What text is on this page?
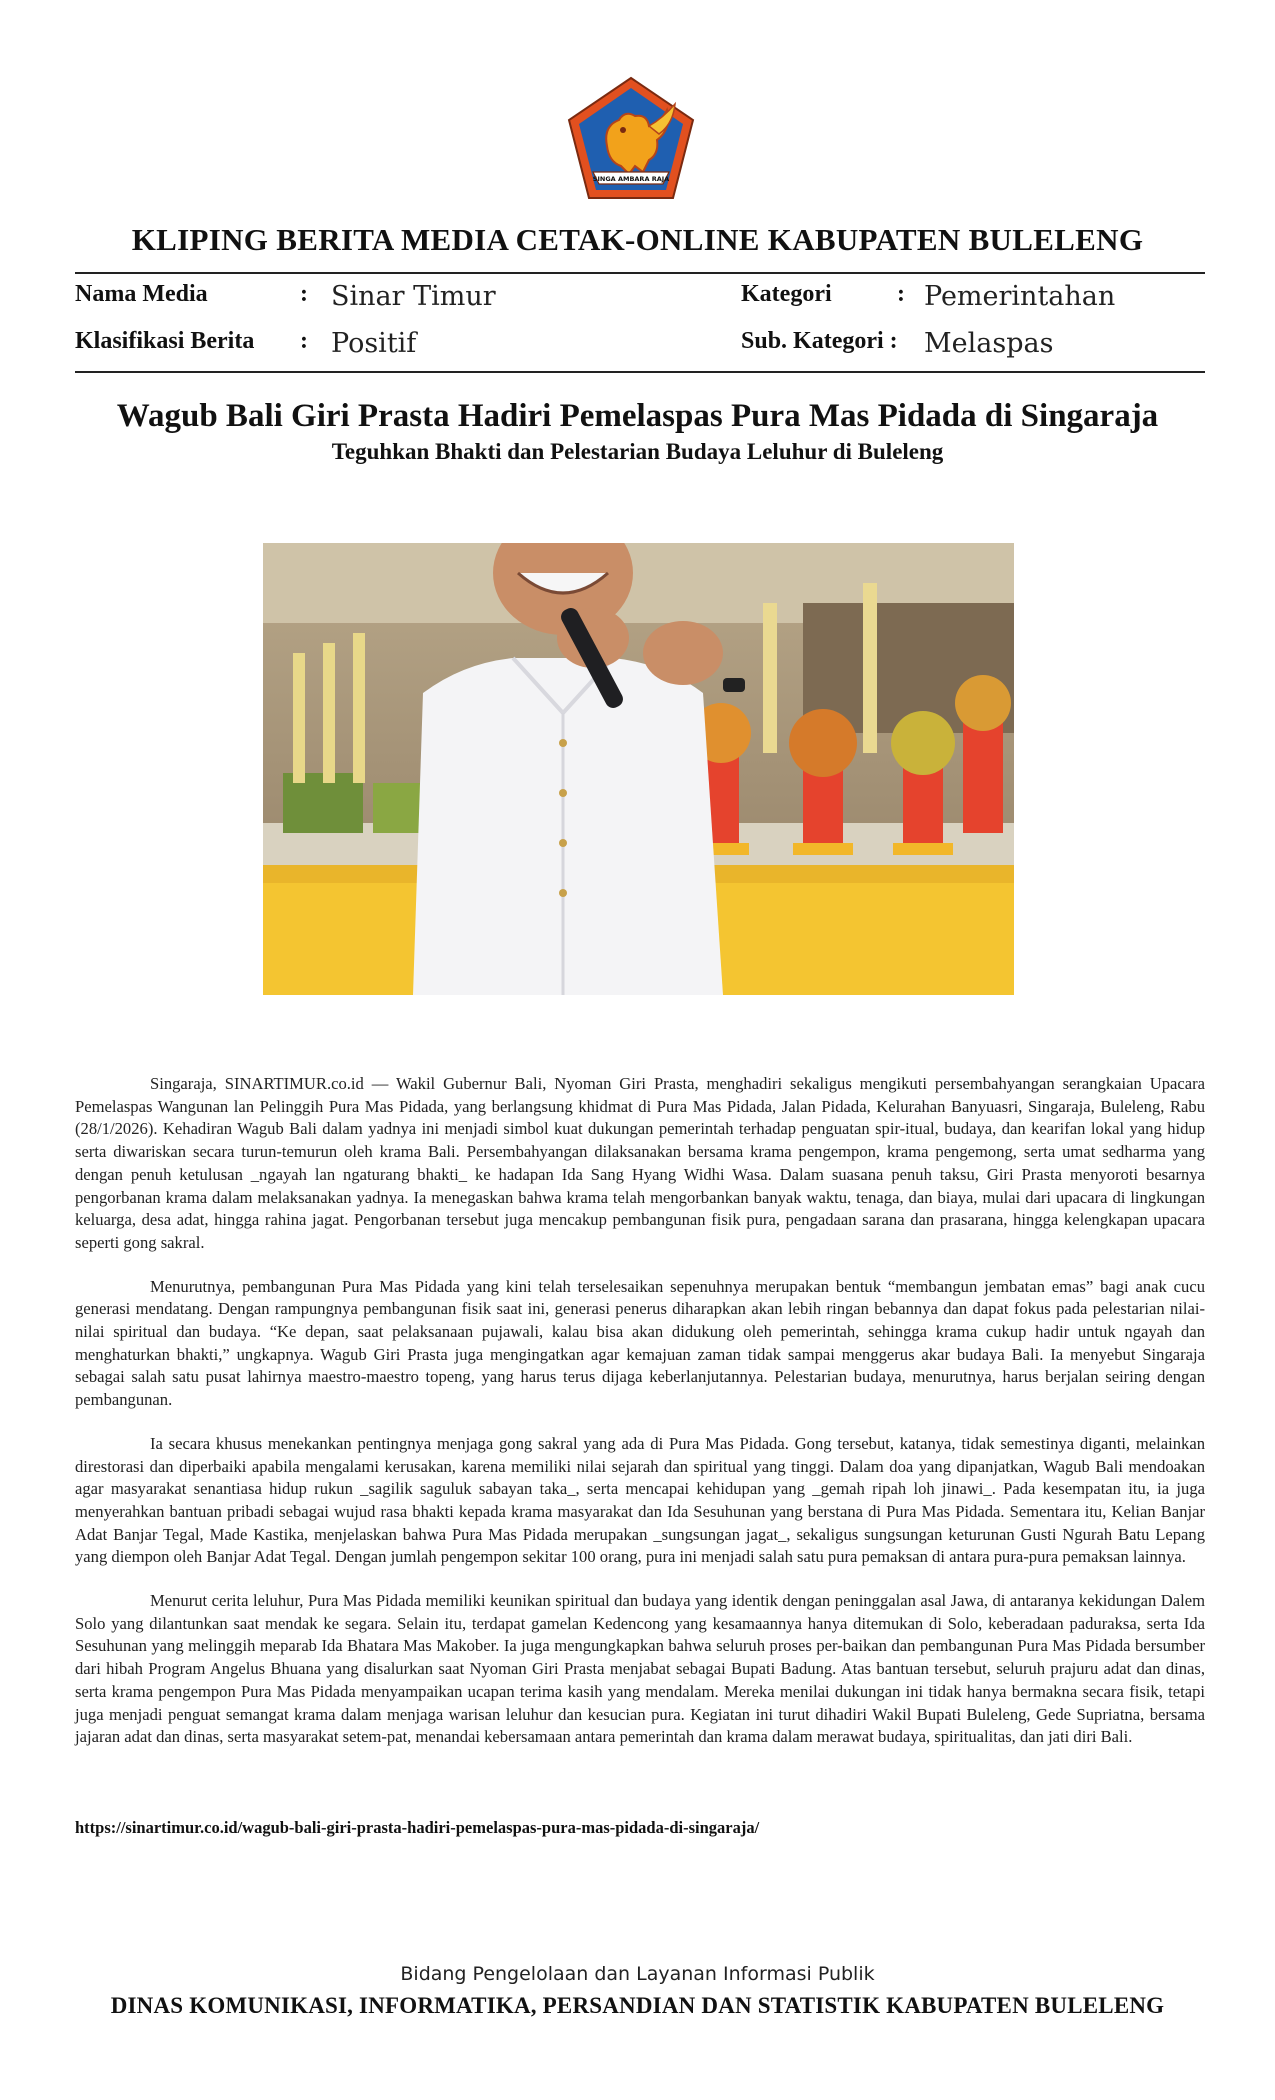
SINGA AMBARA RAJA
KLIPING BERITA MEDIA CETAK-ONLINE KABUPATEN BULELENG
Nama Media	: Sinar Timur	Kategori	: Pemerintahan
Klasifikasi Berita : Positif	Sub. Kategori : Melaspas
Wagub Bali Giri Prasta Hadiri Pemelaspas Pura Mas Pidada di Singaraja
Teguhkan Bhakti dan Pelestarian Budaya Leluhur di Buleleng

Singaraja, SINARTIMUR.co.id — Wakil Gubernur Bali, Nyoman Giri Prasta, menghadiri sekaligus mengikuti persembahyangan serangkaian Upacara Pemelaspas Wangunan lan Pelinggih Pura Mas Pidada, yang berlangsung khidmat di Pura Mas Pidada, Jalan Pidada, Kelurahan Banyuasri, Singaraja, Buleleng, Rabu (28/1/2026). Kehadiran Wagub Bali dalam yadnya ini menjadi simbol kuat dukungan pemerintah terhadap penguatan spir-itual, budaya, dan kearifan lokal yang hidup serta diwariskan secara turun-temurun oleh krama Bali. Persembahyangan dilaksanakan bersama krama pengempon, krama pengemong, serta umat sedharma yang dengan penuh ketulusan _ngayah lan ngaturang bhakti_ ke hadapan Ida Sang Hyang Widhi Wasa. Dalam suasana penuh taksu, Giri Prasta menyoroti besarnya pengorbanan krama dalam melaksanakan yadnya. Ia menegaskan bahwa krama telah mengorbankan banyak waktu, tenaga, dan biaya, mulai dari upacara di lingkungan keluarga, desa adat, hingga rahina jagat. Pengorbanan tersebut juga mencakup pembangunan fisik pura, pengadaan sarana dan prasarana, hingga kelengkapan upacara seperti gong sakral.

Menurutnya, pembangunan Pura Mas Pidada yang kini telah terselesaikan sepenuhnya merupakan bentuk “membangun jembatan emas” bagi anak cucu generasi mendatang. Dengan rampungnya pembangunan fisik saat ini, generasi penerus diharapkan akan lebih ringan bebannya dan dapat fokus pada pelestarian nilai-nilai spiritual dan budaya. “Ke depan, saat pelaksanaan pujawali, kalau bisa akan didukung oleh pemerintah, sehingga krama cukup hadir untuk ngayah dan menghaturkan bhakti,” ungkapnya. Wagub Giri Prasta juga mengingatkan agar kemajuan zaman tidak sampai menggerus akar budaya Bali. Ia menyebut Singaraja sebagai salah satu pusat lahirnya maestro-maestro topeng, yang harus terus dijaga keberlanjutannya. Pelestarian budaya, menurutnya, harus berjalan seiring dengan pembangunan.

Ia secara khusus menekankan pentingnya menjaga gong sakral yang ada di Pura Mas Pidada. Gong tersebut, katanya, tidak semestinya diganti, melainkan direstorasi dan diperbaiki apabila mengalami kerusakan, karena memiliki nilai sejarah dan spiritual yang tinggi. Dalam doa yang dipanjatkan, Wagub Bali mendoakan agar masyarakat senantiasa hidup rukun _sagilik saguluk sabayan taka_, serta mencapai kehidupan yang _gemah ripah loh jinawi_. Pada kesempatan itu, ia juga menyerahkan bantuan pribadi sebagai wujud rasa bhakti kepada krama masyarakat dan Ida Sesuhunan yang berstana di Pura Mas Pidada. Sementara itu, Kelian Banjar Adat Banjar Tegal, Made Kastika, menjelaskan bahwa Pura Mas Pidada merupakan _sungsungan jagat_, sekaligus sungsungan keturunan Gusti Ngurah Batu Lepang yang diempon oleh Banjar Adat Tegal. Dengan jumlah pengempon sekitar 100 orang, pura ini menjadi salah satu pura pemaksan di antara pura-pura pemaksan lainnya.

Menurut cerita leluhur, Pura Mas Pidada memiliki keunikan spiritual dan budaya yang identik dengan peninggalan asal Jawa, di antaranya kekidungan Dalem Solo yang dilantunkan saat mendak ke segara. Selain itu, terdapat gamelan Kedencong yang kesamaannya hanya ditemukan di Solo, keberadaan paduraksa, serta Ida Sesuhunan yang melinggih meparab Ida Bhatara Mas Makober. Ia juga mengungkapkan bahwa seluruh proses per-baikan dan pembangunan Pura Mas Pidada bersumber dari hibah Program Angelus Bhuana yang disalurkan saat Nyoman Giri Prasta menjabat sebagai Bupati Badung. Atas bantuan tersebut, seluruh prajuru adat dan dinas, serta krama pengempon Pura Mas Pidada menyampaikan ucapan terima kasih yang mendalam. Mereka menilai dukungan ini tidak hanya bermakna secara fisik, tetapi juga menjadi penguat semangat krama dalam menjaga warisan leluhur dan kesucian pura. Kegiatan ini turut dihadiri Wakil Bupati Buleleng, Gede Supriatna, bersama jajaran adat dan dinas, serta masyarakat setem-pat, menandai kebersamaan antara pemerintah dan krama dalam merawat budaya, spiritualitas, dan jati diri Bali.

https://sinartimur.co.id/wagub-bali-giri-prasta-hadiri-pemelaspas-pura-mas-pidada-di-singaraja/
Bidang Pengelolaan dan Layanan Informasi Publik
DINAS KOMUNIKASI, INFORMATIKA, PERSANDIAN DAN STATISTIK KABUPATEN BULELENG
